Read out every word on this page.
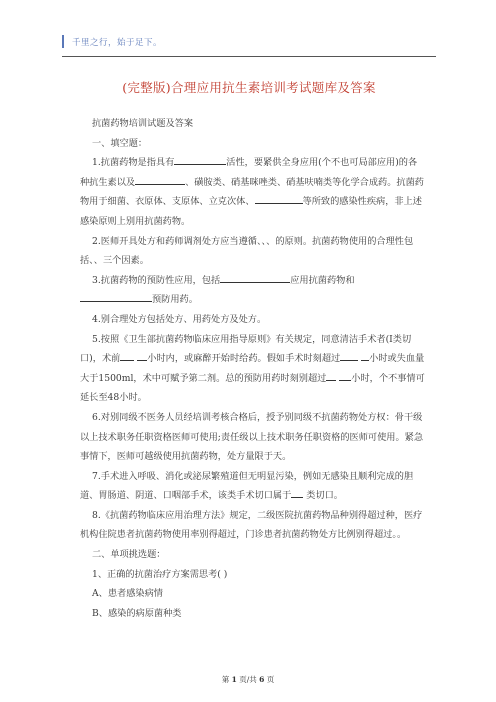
千里之行，始于足下。
(完整版)合理应用抗生素培训考试题库及答案

抗菌药物培训试题及答案

一、填空题：

1.抗菌药物是指具有	活性，要紧供全身应用(个不也可局部应用)的各种抗生素以及	、磺胺类、硝基咪唑类、硝基呋喃类等化学合成药。抗菌药物用于细菌、衣原体、支原体、立克次体、	等所致的感染性疾病，非上述感染原则上别用抗菌药物。

2.医师开具处方和药师调剂处方应当遵循、、、的原则。抗菌药物使用的合理性包括、、三个因素。

3.抗菌药物的预防性应用，包括	应用抗菌药物和
预防用药。

4.别合理处方包括处方、用药处方及处方。

5.按照《卫生部抗菌药物临床应用指导原则》有关规定，同意清洁手术者(Ⅰ类切口)，术前	小时内，或麻醉开始时给药。假如手术时刻超过	小时或失血量大于1500ml，术中可赋予第二剂。总的预防用药时刻别超过	小时，个不事情可延长至48小时。

6.对别同级不医务人员经培训考核合格后，授予别同级不抗菌药物处方权：骨干级以上技术职务任职资格医师可使用;责任级以上技术职务任职资格的医师可使用。紧急事情下，医师可越级使用抗菌药物，处方量限于天。

7.手术进入呼吸、消化或泌尿繁殖道但无明显污染，例如无感染且顺利完成的胆道、胃肠道、阴道、口咽部手术，该类手术切口属于 类切口。

8.《抗菌药物临床应用治理方法》规定，二级医院抗菌药物品种别得超过种，医疗机构住院患者抗菌药物使用率别得超过，门诊患者抗菌药物处方比例别得超过。。

二、单项挑选题：

1、正确的抗菌治疗方案需思考( )

A、患者感染病情

B、感染的病原菌种类

第 1 页/共 6 页
